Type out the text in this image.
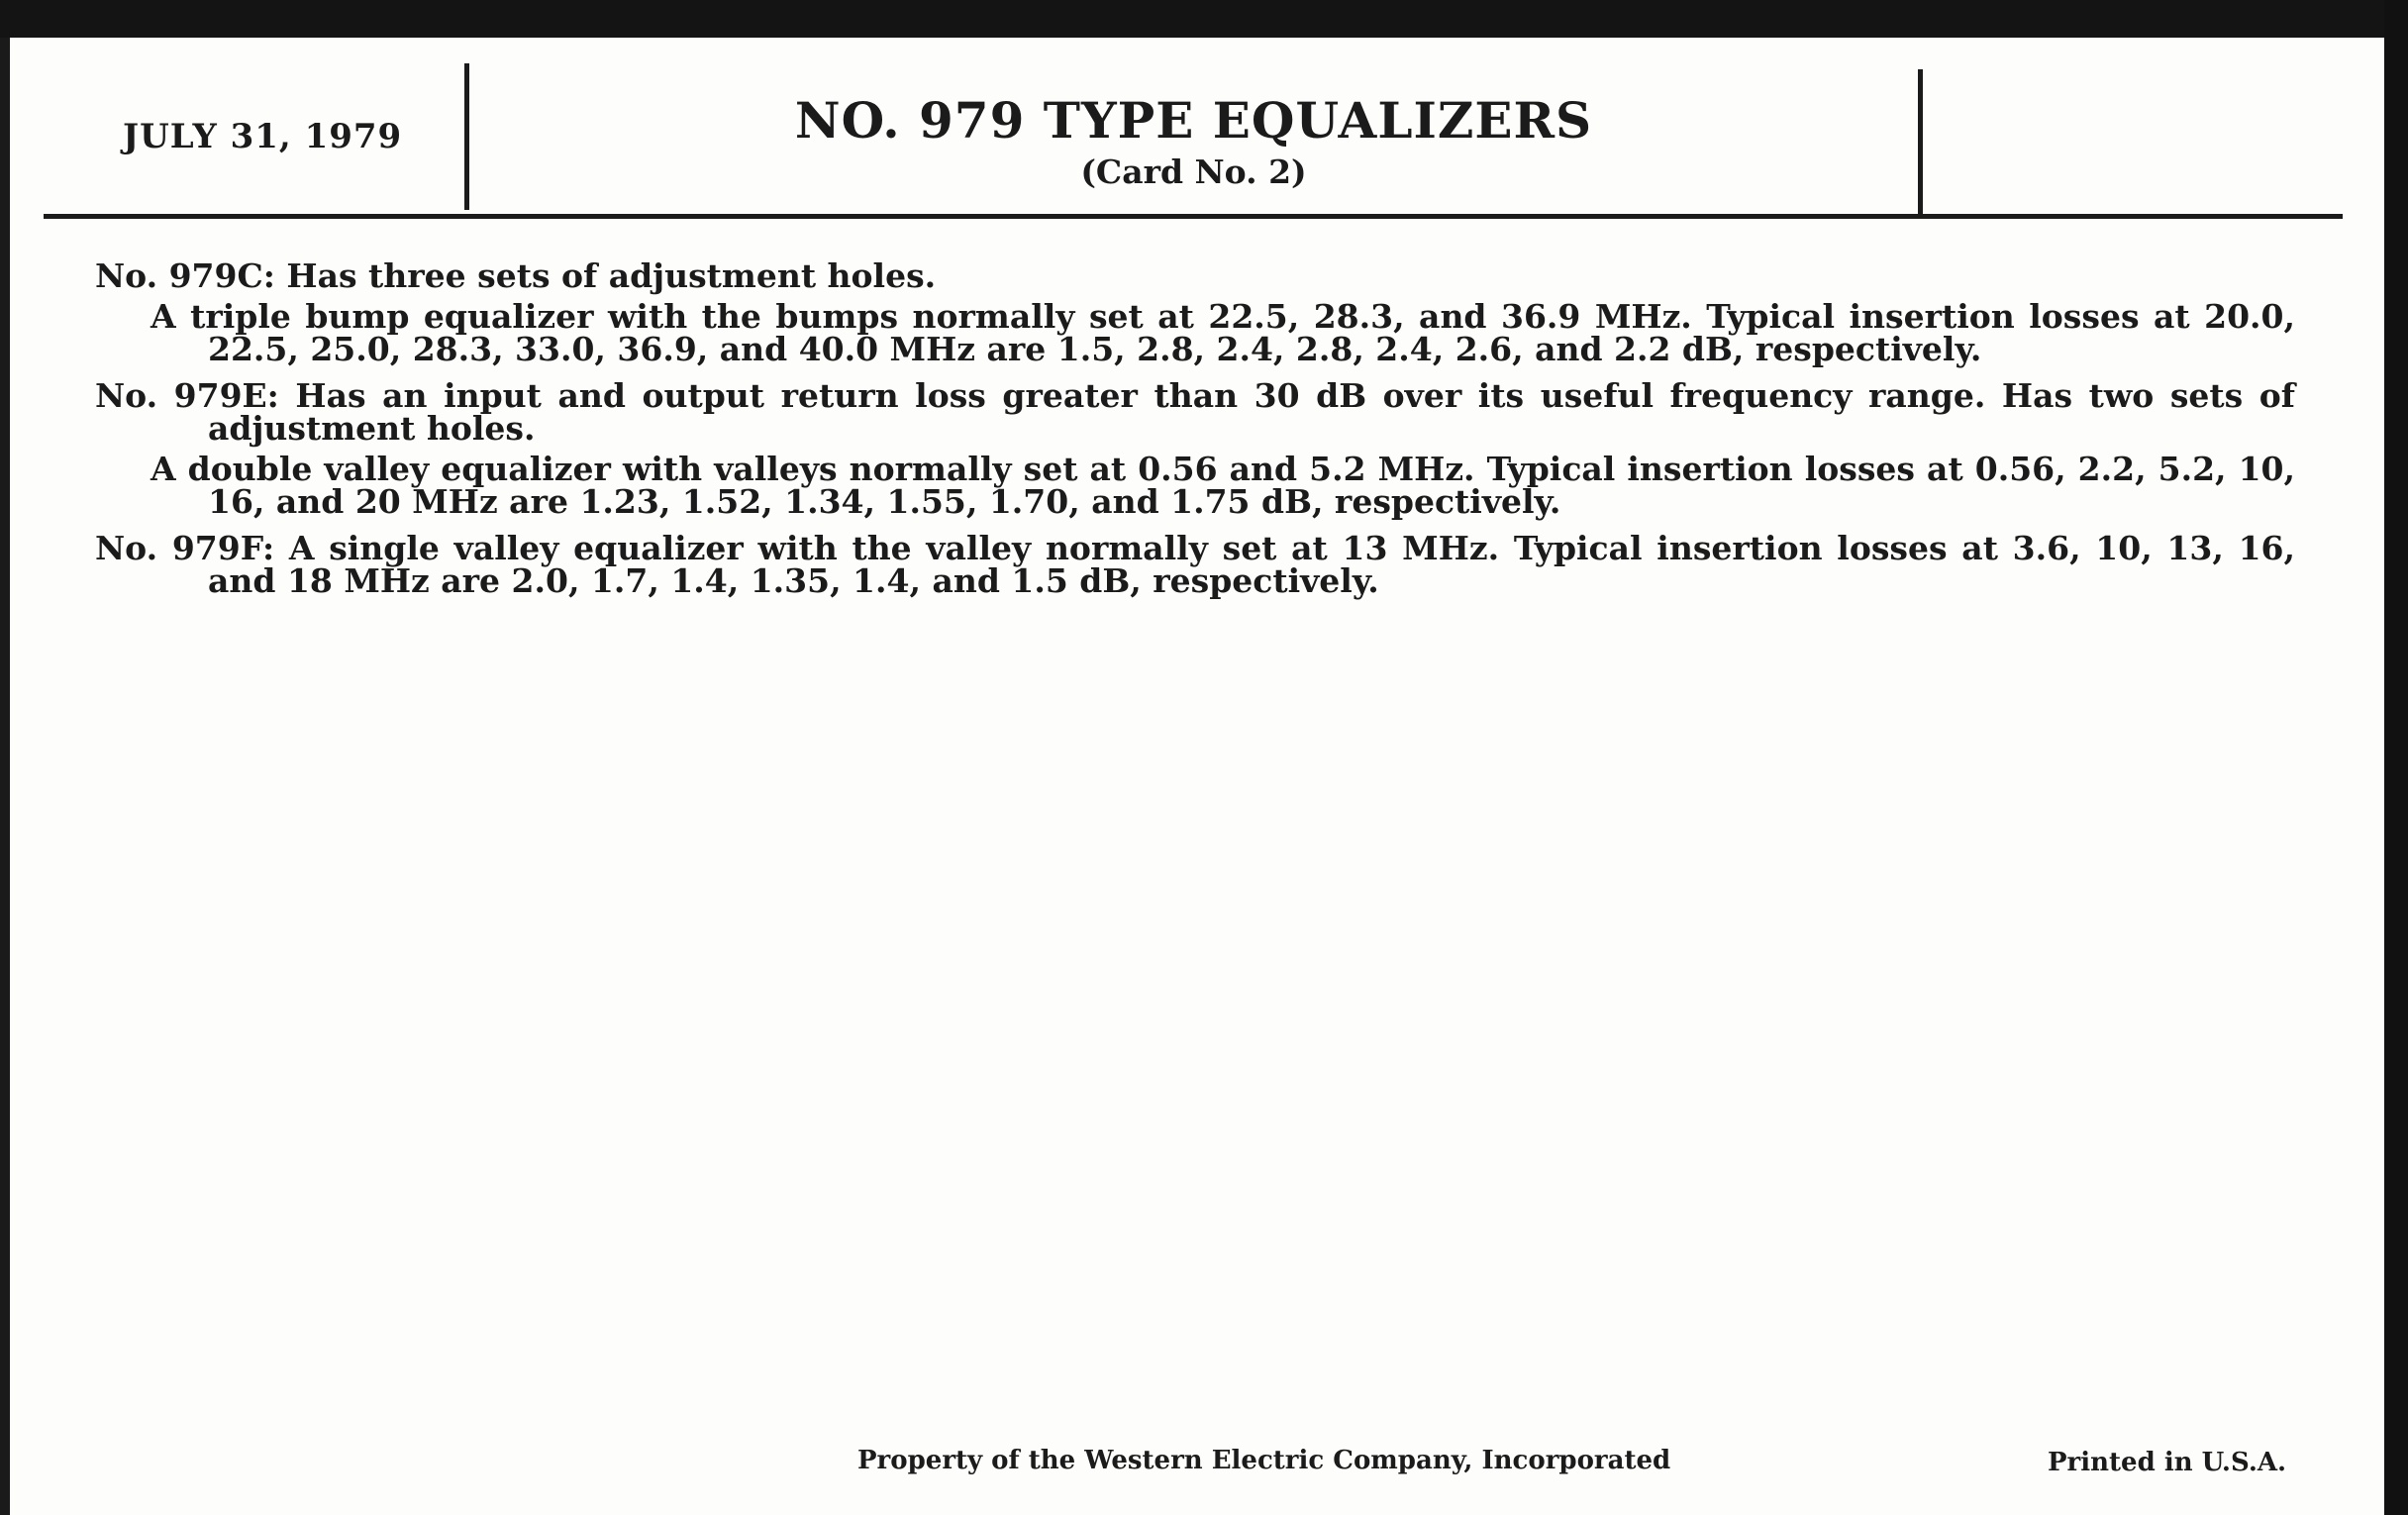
JULY 31, 1979	NO. 979 TYPE EQUALIZERS
(Card No. 2)

No. 979C: Has three sets of adjustment holes.

A triple bump equalizer with the bumps normally set at 22.5, 28.3, and 36.9 MHz. Typical insertion losses at 20.0, 22.5, 25.0, 28.3, 33.0, 36.9, and 40.0 MHz are 1.5, 2.8, 2.4, 2.8, 2.4, 2.6, and 2.2 dB, respectively.

No. 979E: Has an input and output return loss greater than 30 dB over its useful frequency range. Has two sets of adjustment holes.

A double valley equalizer with valleys normally set at 0.56 and 5.2 MHz. Typical insertion losses at 0.56, 2.2, 5.2, 10, 16, and 20 MHz are 1.23, 1.52, 1.34, 1.55, 1.70, and 1.75 dB, respectively.

No. 979F: A single valley equalizer with the valley normally set at 13 MHz. Typical insertion losses at 3.6, 10, 13, 16, and 18 MHz are 2.0, 1.7, 1.4, 1.35, 1.4, and 1.5 dB, respectively.

Property of the Western Electric Company, Incorporated	Printed in U.S.A.
